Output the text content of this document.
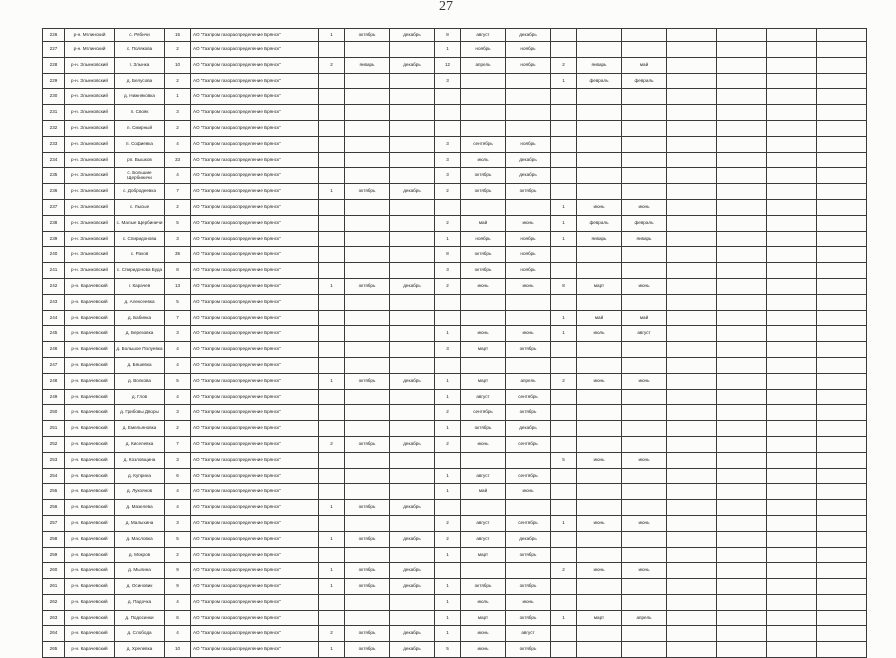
27
226	р-н. Мглинский	с. Рябичи	15	АО "Газпром газораспределение Брянск"	1	октябрь	декабрь	8	август	декабрь							
227	р-н. Мглинский	с. Полякова	2	АО "Газпром газораспределение Брянск"				1	ноябрь	ноябрь							
228	р-н. Злынковский	г. Злынка	10	АО "Газпром газораспределение Брянск"	2	январь	декабрь	12	апрель	ноябрь	2	январь	май				
229	р-н. Злынковский	д. Белусова	2	АО "Газпром газораспределение Брянск"				3			1	февраль	февраль				
230	р-н. Злынковский	д. Нижняковка	1	АО "Газпром газораспределение Брянск"													
231	р-н. Злынковский	п. Свояк	3	АО "Газпром газораспределение Брянск"													
232	р-н. Злынковский	п. Смирный	2	АО "Газпром газораспределение Брянск"													
233	р-н. Злынковский	п. Софиевка	4	АО "Газпром газораспределение Брянск"				3	сентябрь	ноябрь							
234	р-н. Злынковский	рп. Вышков	33	АО "Газпром газораспределение Брянск"				3	июль	декабрь							
235	р-н. Злынковский	с. Большие Щербиничи	4	АО "Газпром газораспределение Брянск"				3	октябрь	декабрь							
236	р-н. Злынковский	с. Добродеевка	7	АО "Газпром газораспределение Брянск"	1	октябрь	декабрь	2	октябрь	октябрь							
237	р-н. Злынковский	с. Лысые	2	АО "Газпром газораспределение Брянск"							1	июнь	июнь				
238	р-н. Злынковский	с. Малые Щербиничи	5	АО "Газпром газораспределение Брянск"				2	май	июнь	1	февраль	февраль				
239	р-н. Злынковский	с. Спиридонова	3	АО "Газпром газораспределение Брянск"				1	ноябрь	ноябрь	1	январь	январь				
240	р-н. Злынковский	с. Рахов	35	АО "Газпром газораспределение Брянск"				8	октябрь	ноябрь							
241	р-н. Злынковский	с. Спиридонова Буда	8	АО "Газпром газораспределение Брянск"				3	октябрь	ноябрь							
242	р-н. Карачевский	г. Карачев	13	АО "Газпром газораспределение Брянск"	1	октябрь	декабрь	2	июнь	июнь	8	март	июнь				
243	р-н. Карачевский	д. Алексеевка	5	АО "Газпром газораспределение Брянск"													
244	р-н. Карачевский	д. Бабинка	7	АО "Газпром газораспределение Брянск"							1	май	май				
245	р-н. Карачевский	д. Березовка	3	АО "Газпром газораспределение Брянск"				1	июнь	июнь	1	июль	август				
246	р-н. Карачевский	д. Большое Полуевка	4	АО "Газпром газораспределение Брянск"				3	март	октябрь							
247	р-н. Карачевский	д. Бяшевка	4	АО "Газпром газораспределение Брянск"													
248	р-н. Карачевский	д. Волкова	5	АО "Газпром газораспределение Брянск"	1	октябрь	декабрь	1	март	апрель	2	июнь	июнь				
249	р-н. Карачевский	д. Глов	4	АО "Газпром газораспределение Брянск"				1	август	сентябрь							
250	р-н. Карачевский	д. Грибовы Дворы	3	АО "Газпром газораспределение Брянск"				2	сентябрь	октябрь							
251	р-н. Карачевский	д. Емельяновка	2	АО "Газпром газораспределение Брянск"				1	октябрь	декабрь							
252	р-н. Карачевский	д. Киселевка	7	АО "Газпром газораспределение Брянск"	2	октябрь	декабрь	2	июнь	сентябрь							
253	р-н. Карачевский	д. Козловщина	3	АО "Газпром газораспределение Брянск"							5	июнь	июнь				
254	р-н. Карачевский	д. Куприна	6	АО "Газпром газораспределение Брянск"				1	август	сентябрь							
255	р-н. Карачевский	д. Лукоянов	4	АО "Газпром газораспределение Брянск"				1	май	июнь							
256	р-н. Карачевский	д. Мазелева	4	АО "Газпром газораспределение Брянск"	1	октябрь	декабрь										
257	р-н. Карачевский	д. Малыхина	3	АО "Газпром газораспределение Брянск"				2	август	сентябрь	1	июнь	июнь				
258	р-н. Карачевский	д. Масловка	5	АО "Газпром газораспределение Брянск"	1	октябрь	декабрь	2	август	декабрь							
259	р-н. Карачевский	д. Мокров	2	АО "Газпром газораспределение Брянск"				1	март	октябрь							
260	р-н. Карачевский	д. Мылина	9	АО "Газпром газораспределение Брянск"	1	октябрь	декабрь				2	июнь	июнь				
261	р-н. Карачевский	д. Осиновик	9	АО "Газпром газораспределение Брянск"	1	октябрь	декабрь	1	октябрь	октябрь							
262	р-н. Карачевский	д. Падочка	4	АО "Газпром газораспределение Брянск"				1	июль	июнь							
263	р-н. Карачевский	д. Подосинки	6	АО "Газпром газораспределение Брянск"				1	март	октябрь	1	март	апрель				
264	р-н. Карачевский	д. Слобода	4	АО "Газпром газораспределение Брянск"	2	октябрь	декабрь	1	июнь	август							
265	р-н. Карачевский	д. Хрелевка	10	АО "Газпром газораспределение Брянск"	1	октябрь	декабрь	5	июнь	октябрь							
